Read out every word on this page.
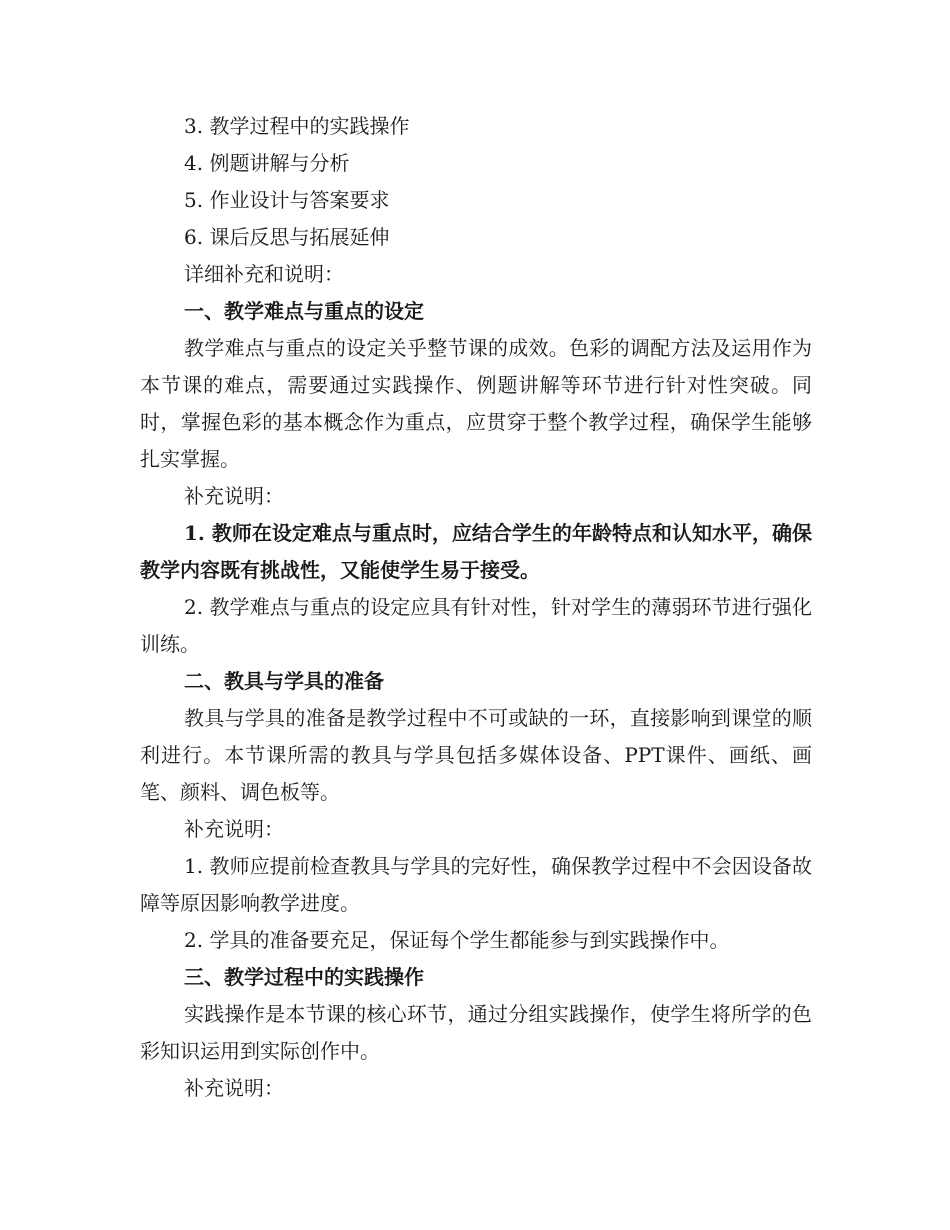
3. 教学过程中的实践操作
4. 例题讲解与分析
5. 作业设计与答案要求
6. 课后反思与拓展延伸
详细补充和说明：
一、教学难点与重点的设定

教学难点与重点的设定关乎整节课的成效。色彩的调配方法及运用作为本节课的难点，需要通过实践操作、例题讲解等环节进行针对性突破。同时，掌握色彩的基本概念作为重点，应贯穿于整个教学过程，确保学生能够扎实掌握。

补充说明：

1. 教师在设定难点与重点时，应结合学生的年龄特点和认知水平，确保教学内容既有挑战性，又能使学生易于接受。

2. 教学难点与重点的设定应具有针对性，针对学生的薄弱环节进行强化训练。

二、教具与学具的准备

教具与学具的准备是教学过程中不可或缺的一环，直接影响到课堂的顺利进行。本节课所需的教具与学具包括多媒体设备、PPT课件、画纸、画笔、颜料、调色板等。

补充说明：

1. 教师应提前检查教具与学具的完好性，确保教学过程中不会因设备故障等原因影响教学进度。

2. 学具的准备要充足，保证每个学生都能参与到实践操作中。

三、教学过程中的实践操作

实践操作是本节课的核心环节，通过分组实践操作，使学生将所学的色彩知识运用到实际创作中。

补充说明：
